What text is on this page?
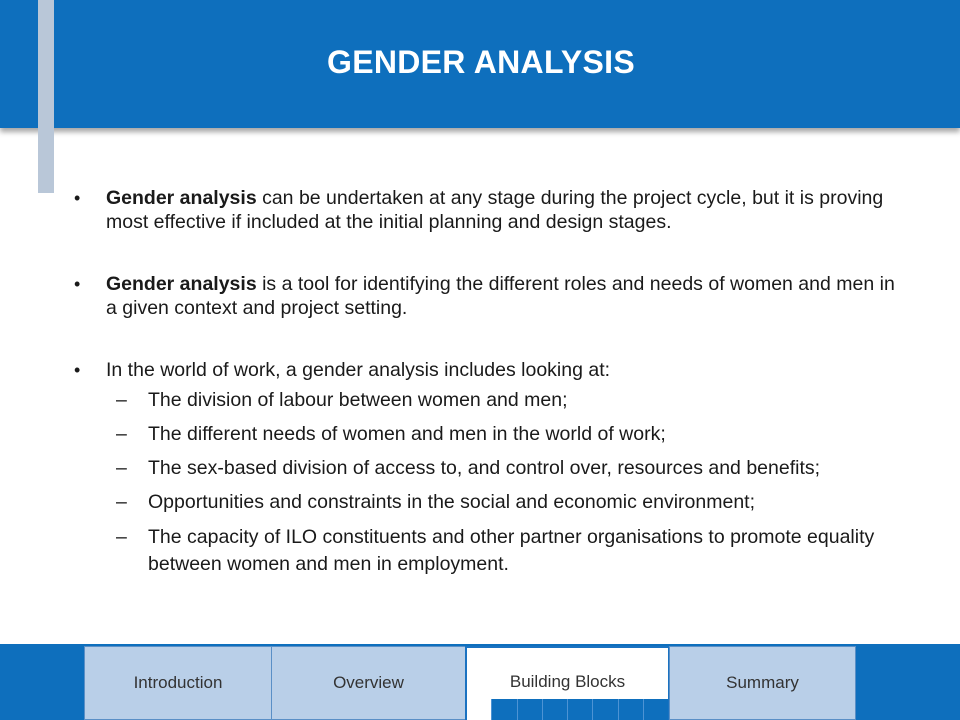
GENDER ANALYSIS
• Gender analysis can be undertaken at any stage during the project cycle, but it is proving most effective if included at the initial planning and design stages.
• Gender analysis is a tool for identifying the different roles and needs of women and men in a given context and project setting.
• In the world of work, a gender analysis includes looking at:
– The division of labour between women and men;
– The different needs of women and men in the world of work;
– The sex-based division of access to, and control over, resources and benefits;
– Opportunities and constraints in the social and economic environment;
– The capacity of ILO constituents and other partner organisations to promote equality between women and men in employment.
Introduction	Overview	Building Blocks	Summary
